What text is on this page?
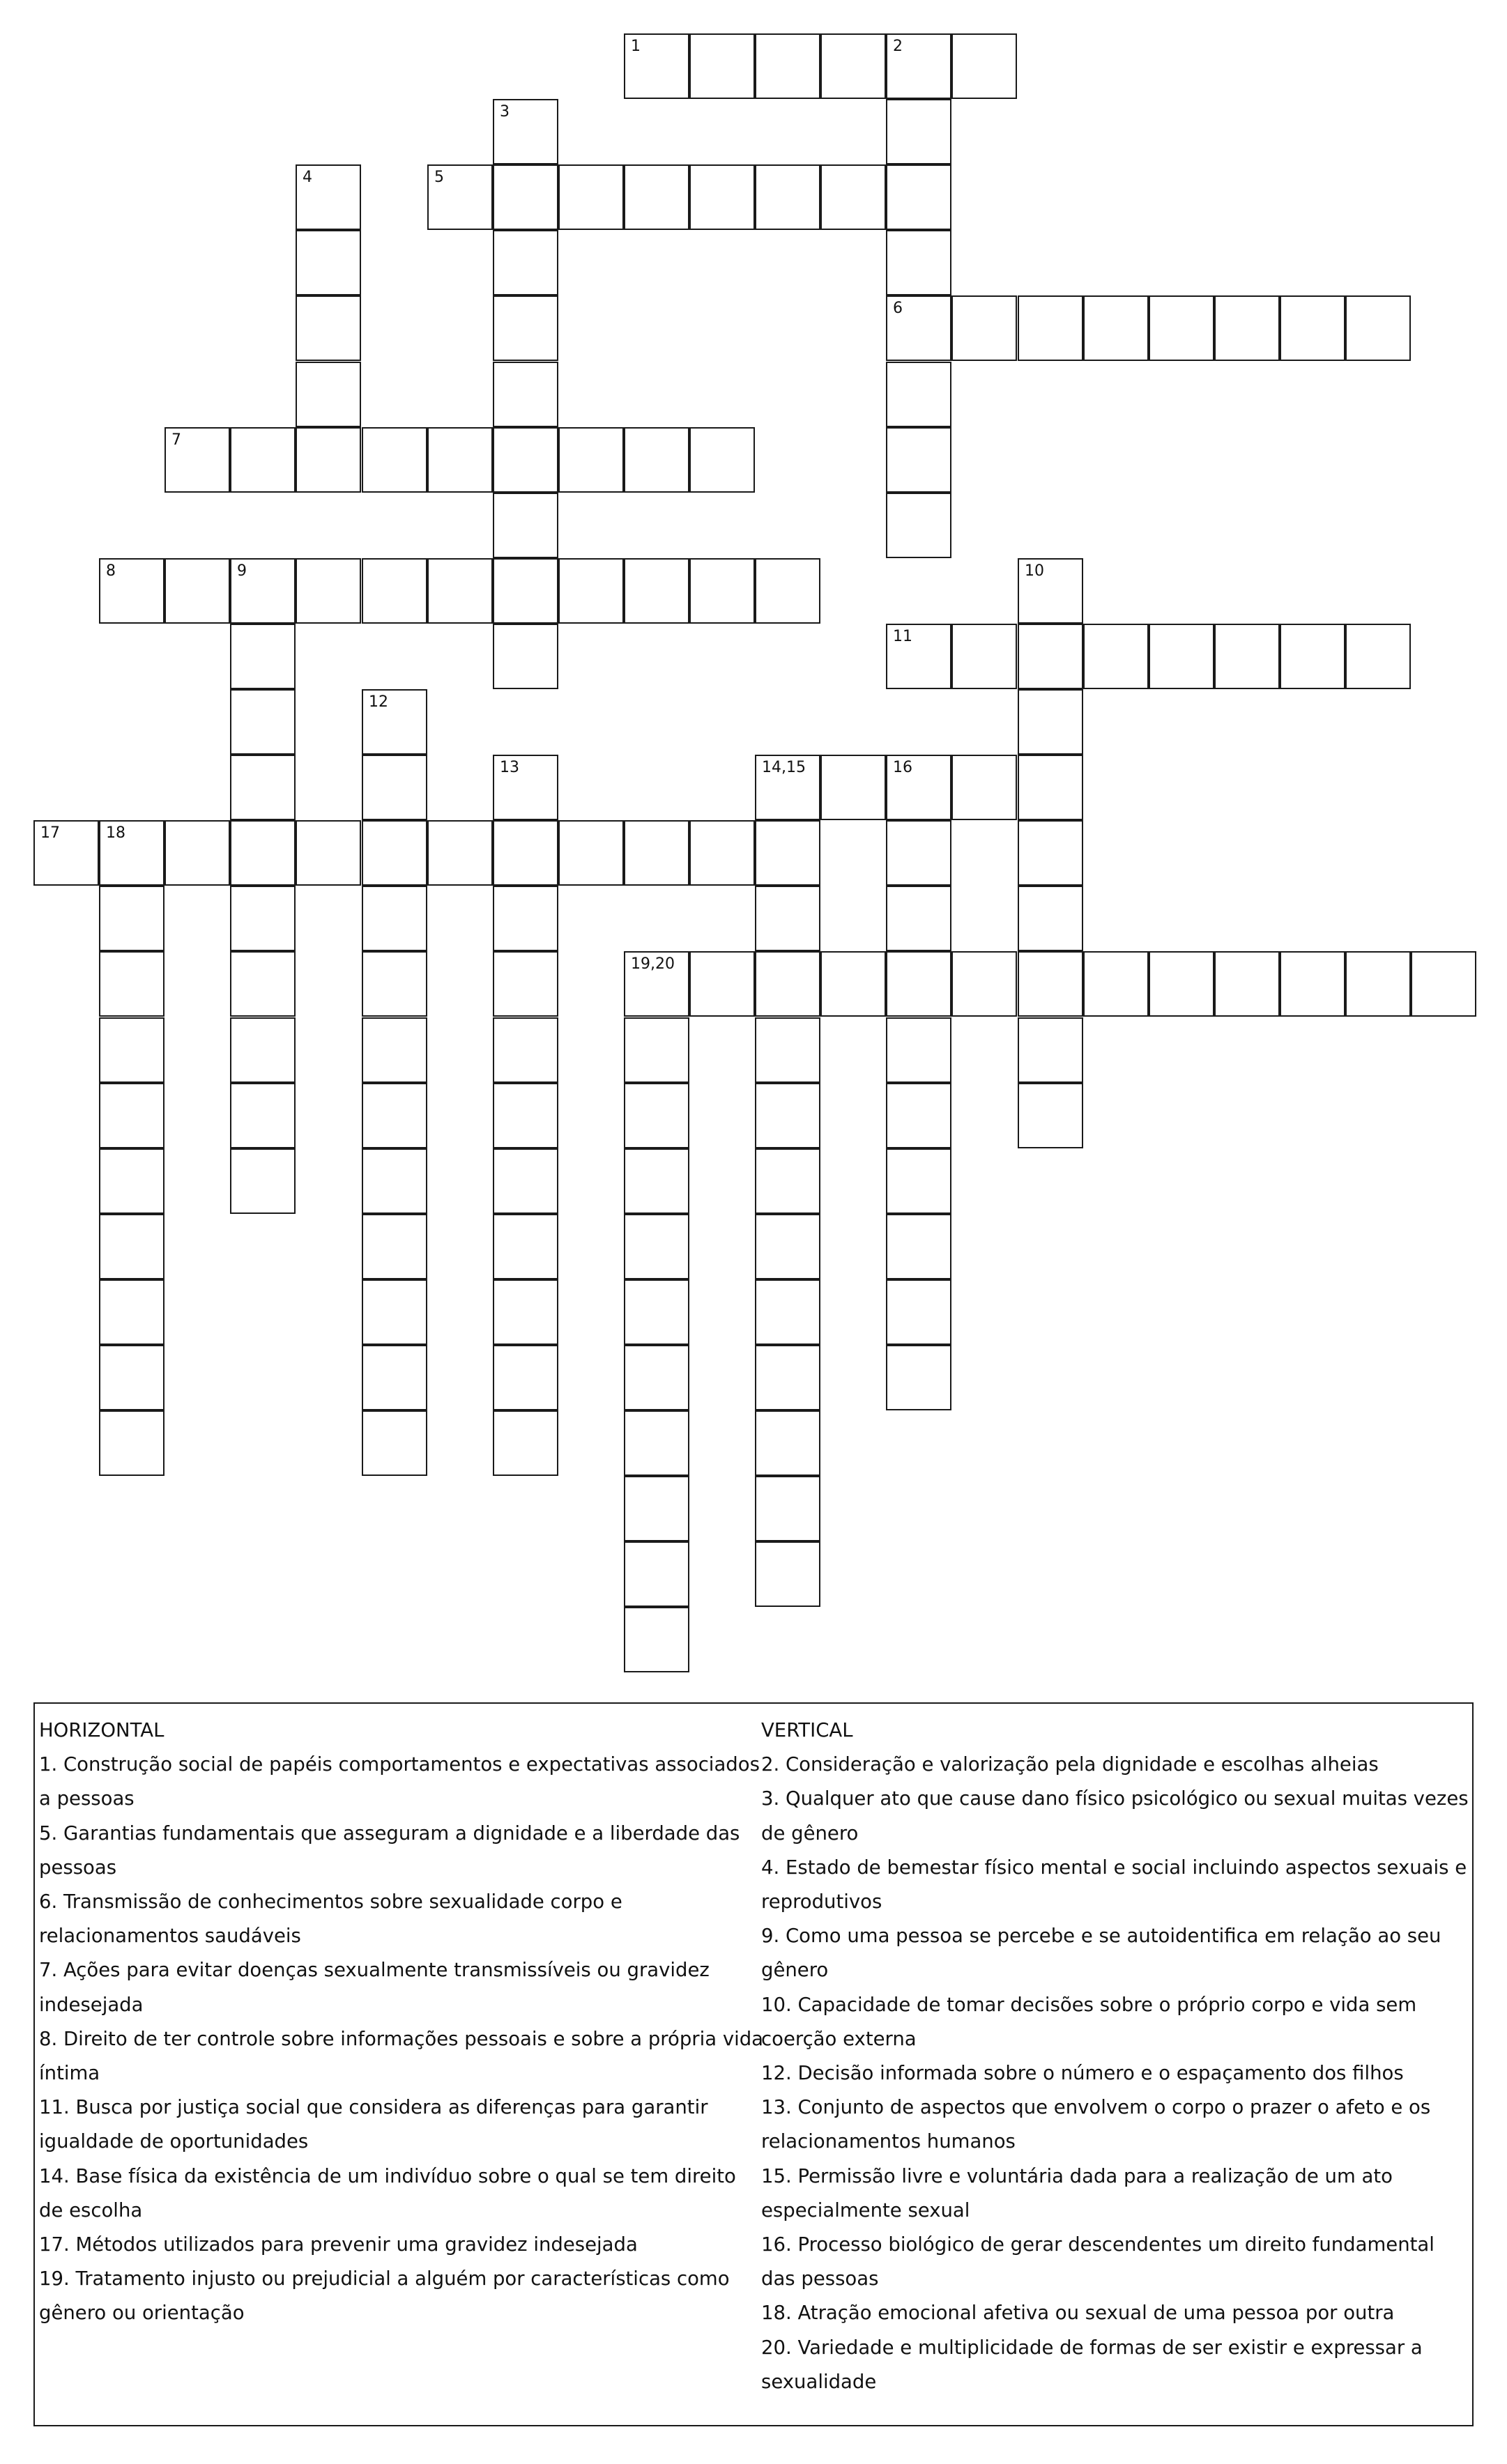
1	2
6
3
4	5
7
8	9	10
11
12
13	14,15	16
17	18
19,20
HORIZONTAL
1. Construção social de papéis comportamentos e expectativas associados a pessoas
5. Garantias fundamentais que asseguram a dignidade e a liberdade das pessoas
6. Transmissão de conhecimentos sobre sexualidade corpo e relacionamentos saudáveis
7. Ações para evitar doenças sexualmente transmissíveis ou gravidez indesejada
8. Direito de ter controle sobre informações pessoais e sobre a própria vida íntima
11. Busca por justiça social que considera as diferenças para garantir igualdade de oportunidades
14. Base física da existência de um indivíduo sobre o qual se tem direito de escolha
17. Métodos utilizados para prevenir uma gravidez indesejada
19. Tratamento injusto ou prejudicial a alguém por características como gênero ou orientação
VERTICAL
2. Consideração e valorização pela dignidade e escolhas alheias
3. Qualquer ato que cause dano físico psicológico ou sexual muitas vezes de gênero
4. Estado de bemestar físico mental e social incluindo aspectos sexuais e reprodutivos
9. Como uma pessoa se percebe e se autoidentifica em relação ao seu gênero
10. Capacidade de tomar decisões sobre o próprio corpo e vida sem coerção externa
12. Decisão informada sobre o número e o espaçamento dos filhos
13. Conjunto de aspectos que envolvem o corpo o prazer o afeto e os relacionamentos humanos
15. Permissão livre e voluntária dada para a realização de um ato especialmente sexual
16. Processo biológico de gerar descendentes um direito fundamental das pessoas
18. Atração emocional afetiva ou sexual de uma pessoa por outra
20. Variedade e multiplicidade de formas de ser existir e expressar a sexualidade
